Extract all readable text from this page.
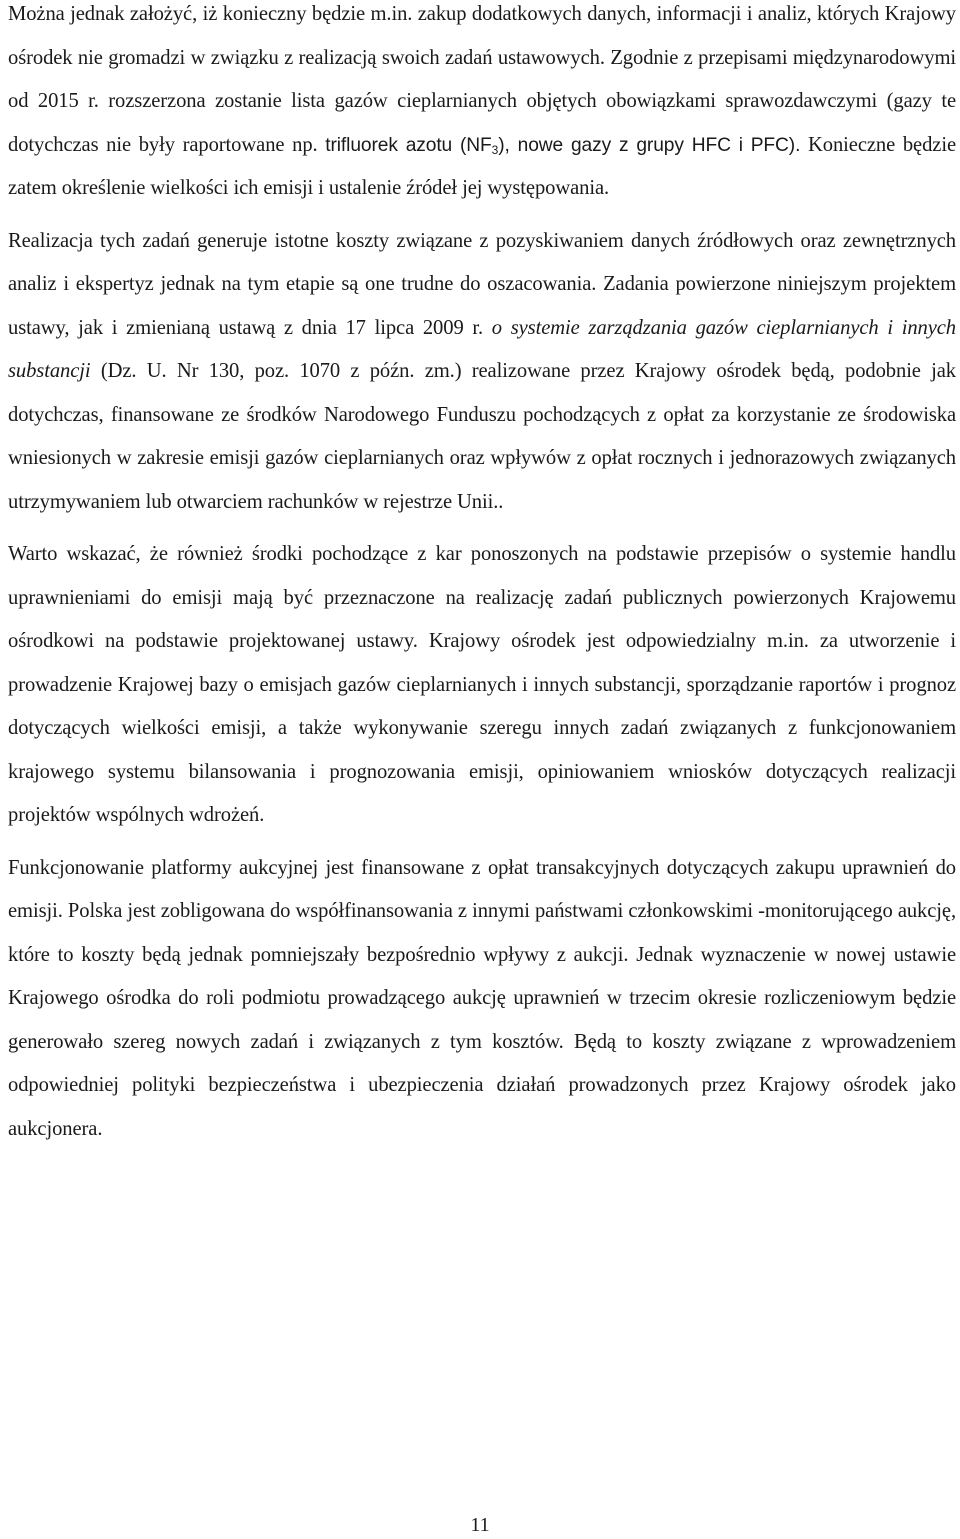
Można jednak założyć, iż konieczny będzie m.in. zakup dodatkowych danych, informacji i analiz, których Krajowy ośrodek nie gromadzi w związku z realizacją swoich zadań ustawowych. Zgodnie z przepisami międzynarodowymi od 2015 r. rozszerzona zostanie lista gazów cieplarnianych objętych obowiązkami sprawozdawczymi (gazy te dotychczas nie były raportowane np. trifluorek azotu $(NF_3)$, nowe gazy z grupy HFC i PFC). Konieczne będzie zatem określenie wielkości ich emisji i ustalenie źródeł jej występowania.

Realizacja tych zadań generuje istotne koszty związane z pozyskiwaniem danych źródłowych oraz zewnętrznych analiz i ekspertyz jednak na tym etapie są one trudne do oszacowania. Zadania powierzone niniejszym projektem ustawy, jak i zmienianą ustawą z dnia 17 lipca 2009 r. o systemie zarządzania gazów cieplarnianych i innych substancji (Dz. U. Nr 130, poz. 1070 z późn. zm.) realizowane przez Krajowy ośrodek będą, podobnie jak dotychczas, finansowane ze środków Narodowego Funduszu pochodzących z opłat za korzystanie ze środowiska wniesionych w zakresie emisji gazów cieplarnianych oraz wpływów z opłat rocznych i jednorazowych związanych utrzymywaniem lub otwarciem rachunków w rejestrze Unii..

Warto wskazać, że również środki pochodzące z kar ponoszonych na podstawie przepisów o systemie handlu uprawnieniami do emisji mają być przeznaczone na realizację zadań publicznych powierzonych Krajowemu ośrodkowi na podstawie projektowanej ustawy. Krajowy ośrodek jest odpowiedzialny m.in. za utworzenie i prowadzenie Krajowej bazy o emisjach gazów cieplarnianych i innych substancji, sporządzanie raportów i prognoz dotyczących wielkości emisji, a także wykonywanie szeregu innych zadań związanych z funkcjonowaniem krajowego systemu bilansowania i prognozowania emisji, opiniowaniem wniosków dotyczących realizacji projektów wspólnych wdrożeń.

Funkcjonowanie platformy aukcyjnej jest finansowane z opłat transakcyjnych dotyczących zakupu uprawnień do emisji. Polska jest zobligowana do współfinansowania z innymi państwami członkowskimi -monitorującego aukcję, które to koszty będą jednak pomniejszały bezpośrednio wpływy z aukcji. Jednak wyznaczenie w nowej ustawie Krajowego ośrodka do roli podmiotu prowadzącego aukcję uprawnień w trzecim okresie rozliczeniowym będzie generowało szereg nowych zadań i związanych z tym kosztów. Będą to koszty związane z wprowadzeniem odpowiedniej polityki bezpieczeństwa i ubezpieczenia działań prowadzonych przez Krajowy ośrodek jako aukcjonera.

11
